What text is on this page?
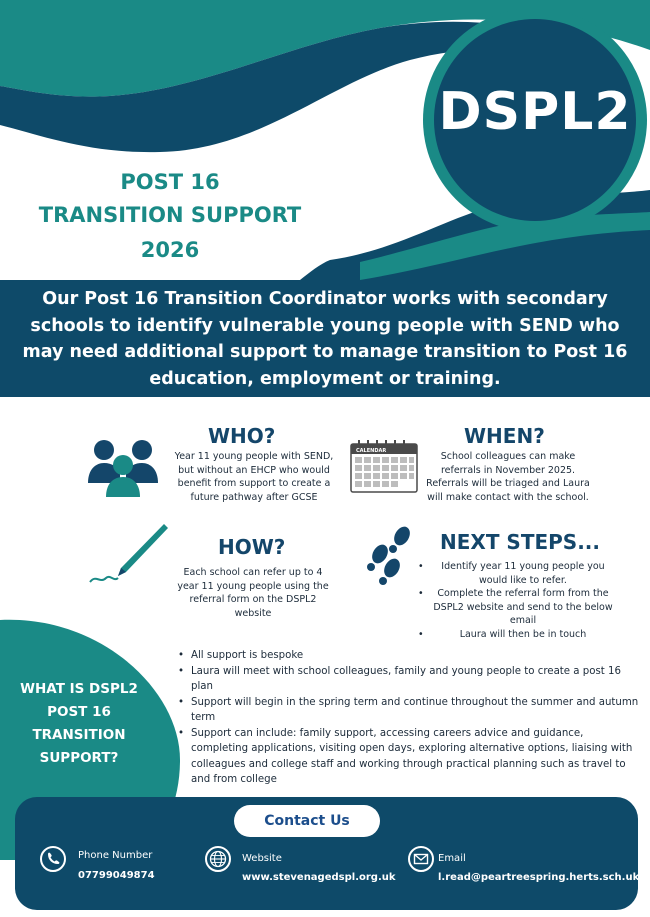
DSPL2
POST 16
TRANSITION SUPPORT
2026
Our Post 16 Transition Coordinator works with secondary schools to identify vulnerable young people with SEND who may need additional support to manage transition to Post 16 education, employment or training.
WHO?
Year 11 young people with SEND, but without an EHCP who would benefit from support to create a future pathway after GCSE
CALENDAR
WHEN?
School colleagues can make referrals in November 2025. Referrals will be triaged and Laura will make contact with the school.
HOW?
Each school can refer up to 4 year 11 young people using the referral form on the DSPL2 website
NEXT STEPS...
• Identify year 11 young people you would like to refer.
• Complete the referral form from the DSPL2 website and send to the below email
• Laura will then be in touch
WHAT IS DSPL2 POST 16 TRANSITION SUPPORT?
• All support is bespoke
• Laura will meet with school colleagues, family and young people to create a post 16 plan
• Support will begin in the spring term and continue throughout the summer and autumn term
• Support can include: family support, accessing careers advice and guidance, completing applications, visiting open days, exploring alternative options, liaising with colleagues and college staff and working through practical planning such as travel to and from college
Contact Us
Phone Number
07799049874
Website
www.stevenagedspl.org.uk
Email
l.read@peartreespring.herts.sch.uk
